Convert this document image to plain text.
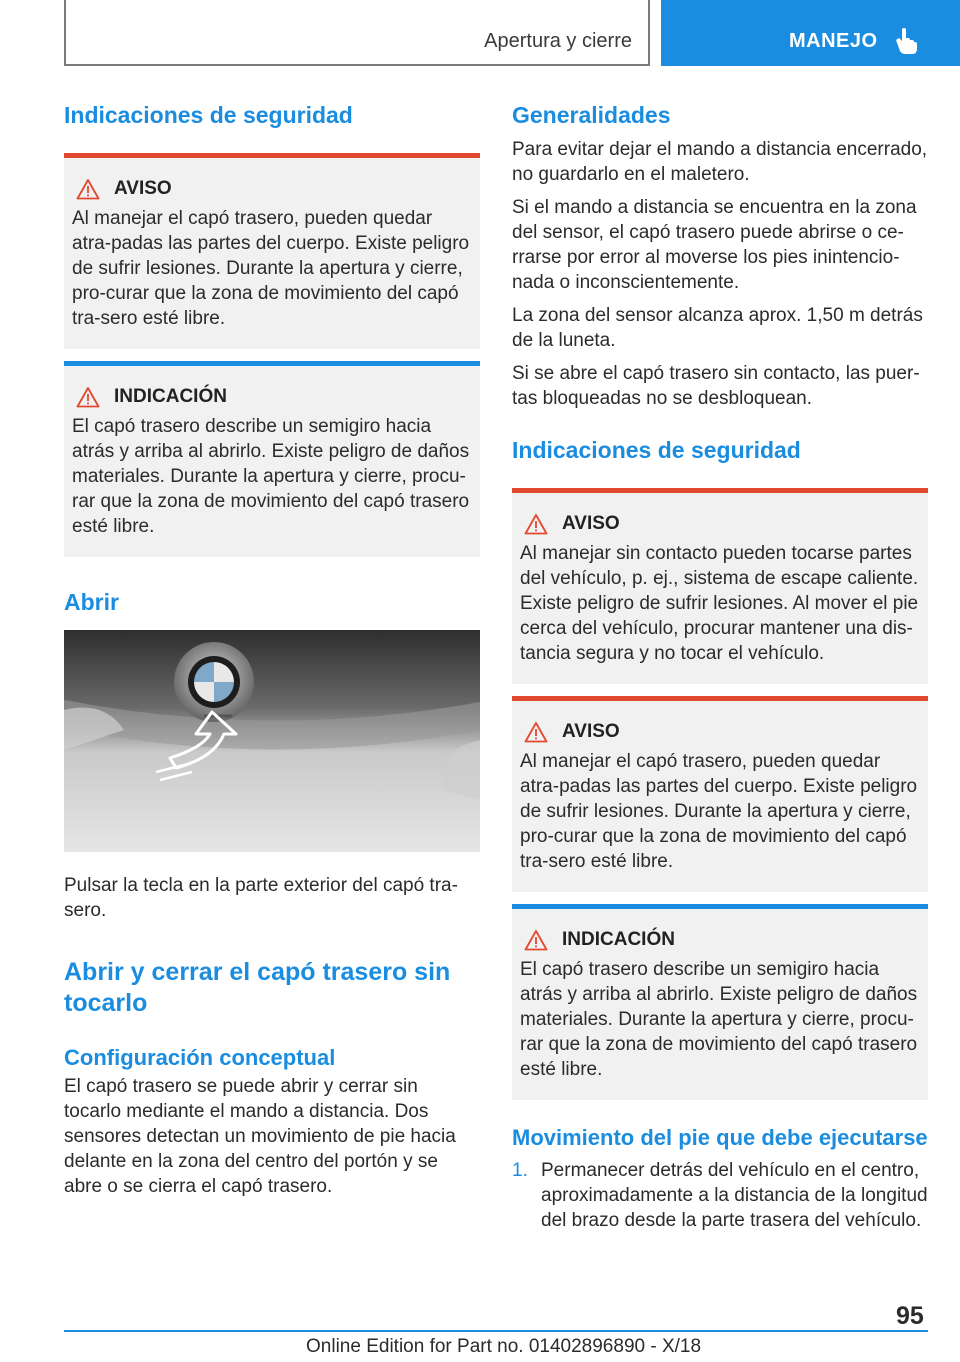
Apertura y cierre	MANEJO
Indicaciones de seguridad
AVISO

Al manejar el capó trasero, pueden quedar atra-padas las partes del cuerpo. Existe peligro de sufrir lesiones. Durante la apertura y cierre, pro-curar que la zona de movimiento del capó tra-sero esté libre.

INDICACIÓN

El capó trasero describe un semigiro hacia atrás y arriba al abrirlo. Existe peligro de daños materiales. Durante la apertura y cierre, procu-rar que la zona de movimiento del capó trasero esté libre.

Abrir

Pulsar la tecla en la parte exterior del capó tra-sero.

Abrir y cerrar el capó trasero sin tocarlo
Configuración conceptual

El capó trasero se puede abrir y cerrar sin tocarlo mediante el mando a distancia. Dos sensores detectan un movimiento de pie hacia delante en la zona del centro del portón y se abre o se cierra el capó trasero.

Generalidades

Para evitar dejar el mando a distancia encerrado, no guardarlo en el maletero.

Si el mando a distancia se encuentra en la zona del sensor, el capó trasero puede abrirse o ce-rrarse por error al moverse los pies inintencio-nada o inconscientemente.

La zona del sensor alcanza aprox. 1,50 m detrás de la luneta.

Si se abre el capó trasero sin contacto, las puer-tas bloqueadas no se desbloquean.

Indicaciones de seguridad
AVISO

Al manejar sin contacto pueden tocarse partes del vehículo, p. ej., sistema de escape caliente. Existe peligro de sufrir lesiones. Al mover el pie cerca del vehículo, procurar mantener una dis-tancia segura y no tocar el vehículo.

AVISO

Al manejar el capó trasero, pueden quedar atra-padas las partes del cuerpo. Existe peligro de sufrir lesiones. Durante la apertura y cierre, pro-curar que la zona de movimiento del capó tra-sero esté libre.

INDICACIÓN

El capó trasero describe un semigiro hacia atrás y arriba al abrirlo. Existe peligro de daños materiales. Durante la apertura y cierre, procu-rar que la zona de movimiento del capó trasero esté libre.

Movimiento del pie que debe ejecutarse
1. Permanecer detrás del vehículo en el centro, aproximadamente a la distancia de la longitud del brazo desde la parte trasera del vehículo.
95
Online Edition for Part no. 01402896890 - X/18
